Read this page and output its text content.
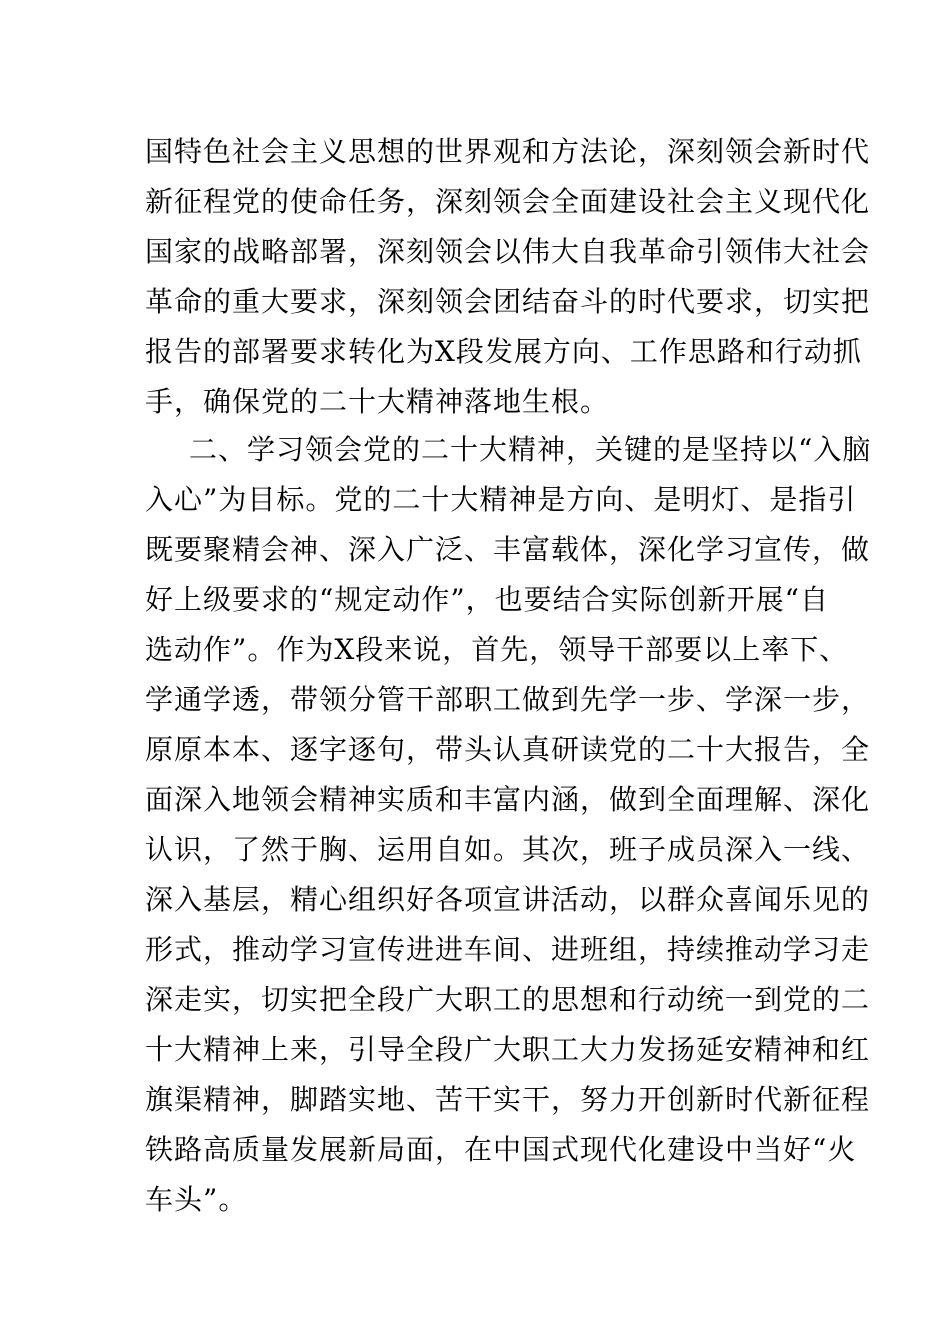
国特色社会主义思想的世界观和方法论，深刻领会新时代
新征程党的使命任务，深刻领会全面建设社会主义现代化
国家的战略部署，深刻领会以伟大自我革命引领伟大社会
革命的重大要求，深刻领会团结奋斗的时代要求，切实把
报告的部署要求转化为X段发展方向、工作思路和行动抓
手，确保党的二十大精神落地生根。
二、学习领会党的二十大精神，关键的是坚持以“入脑
入心”为目标。党的二十大精神是方向、是明灯、是指引
既要聚精会神、深入广泛、丰富载体，深化学习宣传，做
好上级要求的“规定动作”，也要结合实际创新开展“自
选动作”。作为X段来说，首先，领导干部要以上率下、
学通学透，带领分管干部职工做到先学一步、学深一步，
原原本本、逐字逐句，带头认真研读党的二十大报告，全
面深入地领会精神实质和丰富内涵，做到全面理解、深化
认识，了然于胸、运用自如。其次，班子成员深入一线、
深入基层，精心组织好各项宣讲活动，以群众喜闻乐见的
形式，推动学习宣传进进车间、进班组，持续推动学习走
深走实，切实把全段广大职工的思想和行动统一到党的二
十大精神上来，引导全段广大职工大力发扬延安精神和红
旗渠精神，脚踏实地、苦干实干，努力开创新时代新征程
铁路高质量发展新局面，在中国式现代化建设中当好“火
车头”。
